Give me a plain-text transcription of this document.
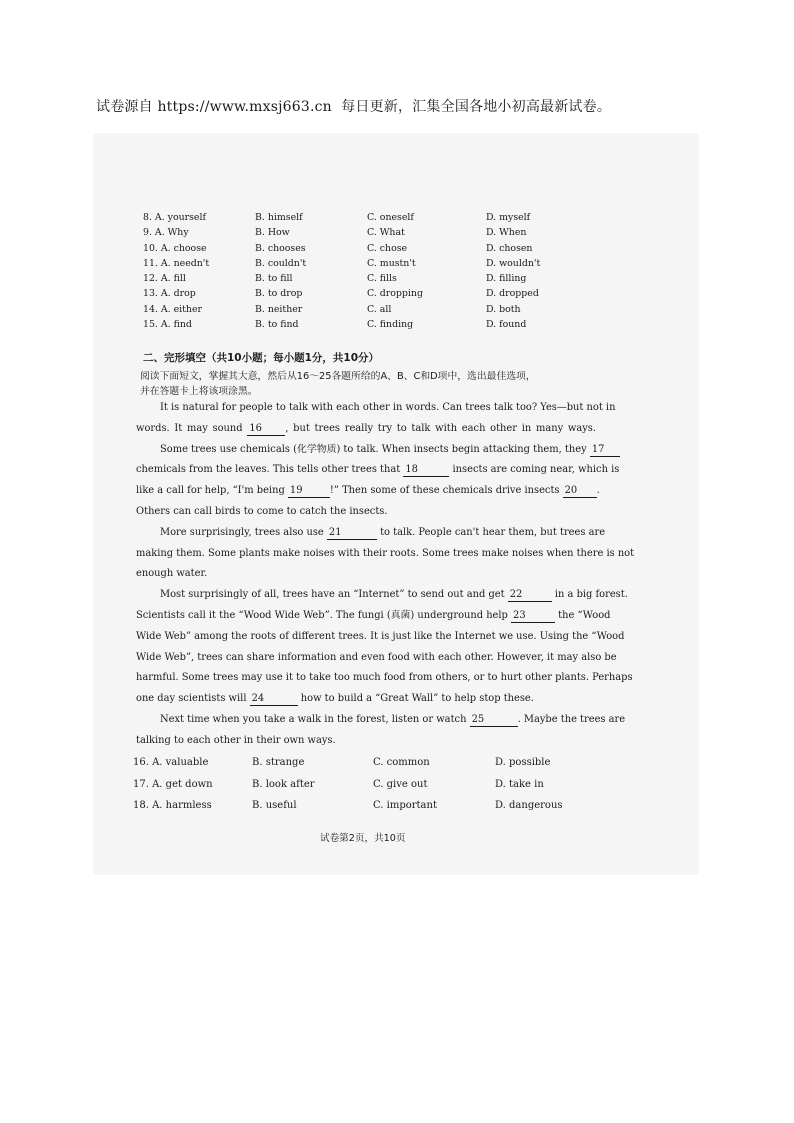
试卷源自 https://www.mxsj663.cn 每日更新，汇集全国各地小初高最新试卷。
8. A. yourself	B. himself	C. oneself	D. myself
9. A. Why	B. How	C. What	D. When
10. A. choose	B. chooses	C. chose	D. chosen
11. A. needn't	B. couldn't	C. mustn't	D. wouldn't
12. A. fill	B. to fill	C. fills	D. filling
13. A. drop	B. to drop	C. dropping	D. dropped
14. A. either	B. neither	C. all	D. both
15. A. find	B. to find	C. finding	D. found
二、完形填空（共10小题；每小题1分，共10分）
阅读下面短文，掌握其大意，然后从16～25各题所给的A、B、C和D项中，选出最佳选项，
并在答题卡上将该项涂黑。
It is natural for people to talk with each other in words. Can trees talk too? Yes—but not in
words. It may sound 16 , but trees really try to talk with each other in many ways.
Some trees use chemicals (化学物质) to talk. When insects begin attacking them, they 17
chemicals from the leaves. This tells other trees that 18	insects are coming near, which is
like a call for help, “I'm being 19	!” Then some of these chemicals drive insects 20 .
Others can call birds to come to catch the insects.
More surprisingly, trees also use 21	to talk. People can't hear them, but trees are
making them. Some plants make noises with their roots. Some trees make noises when there is not
enough water.
Most surprisingly of all, trees have an “Internet” to send out and get 22	in a big forest.
Scientists call it the “Wood Wide Web”. The fungi (真菌) underground help 23	the “Wood
Wide Web” among the roots of different trees. It is just like the Internet we use. Using the “Wood
Wide Web”, trees can share information and even food with each other. However, it may also be
harmful. Some trees may use it to take too much food from others, or to hurt other plants. Perhaps
one day scientists will 24	how to build a “Great Wall” to help stop these.
Next time when you take a walk in the forest, listen or watch 25	. Maybe the trees are
talking to each other in their own ways.
16. A. valuable	B. strange	C. common	D. possible
17. A. get down	B. look after	C. give out	D. take in
18. A. harmless	B. useful	C. important	D. dangerous
试卷第2页，共10页
